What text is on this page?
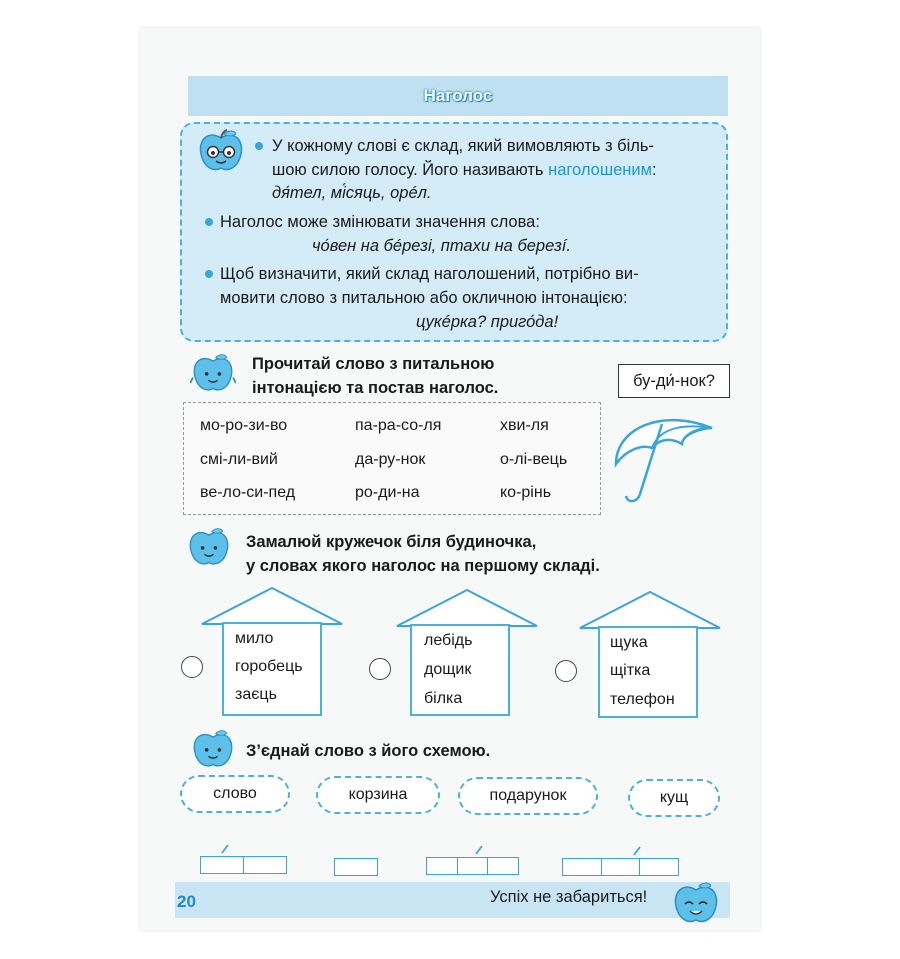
Наголос
У кожному слові є склад, який вимовляють з біль-
шою силою голосу. Його називають наголошеним:
дя́тел, мі́сяць, орéл.
Наголос може змінювати значення слова:
чо́вен на бéрезі, птахи на березí.
Щоб визначити, який склад наголошений, потрібно ви-
мовити слово з питальною або окличною інтонацією:
цукéрка? приго́да!
Прочитай слово з питальною
інтонацією та постав наголос.	бу-ди́-нок?
мо-ро-зи-во	па-ра-со-ля	хви-ля
смі-ли-вий	да-ру-нок	о-лі-вець
ве-ло-си-пед	ро-ди-на	ко-рінь
Замалюй кружечок біля будиночка,
у словах якого наголос на першому складі.
мило
горобець
заєць
лебідь
дощик
білка
щука
щітка
телефон
З’єднай слово з його схемою.
слово	корзина	подарунок	кущ
20	Успіх не забариться!
